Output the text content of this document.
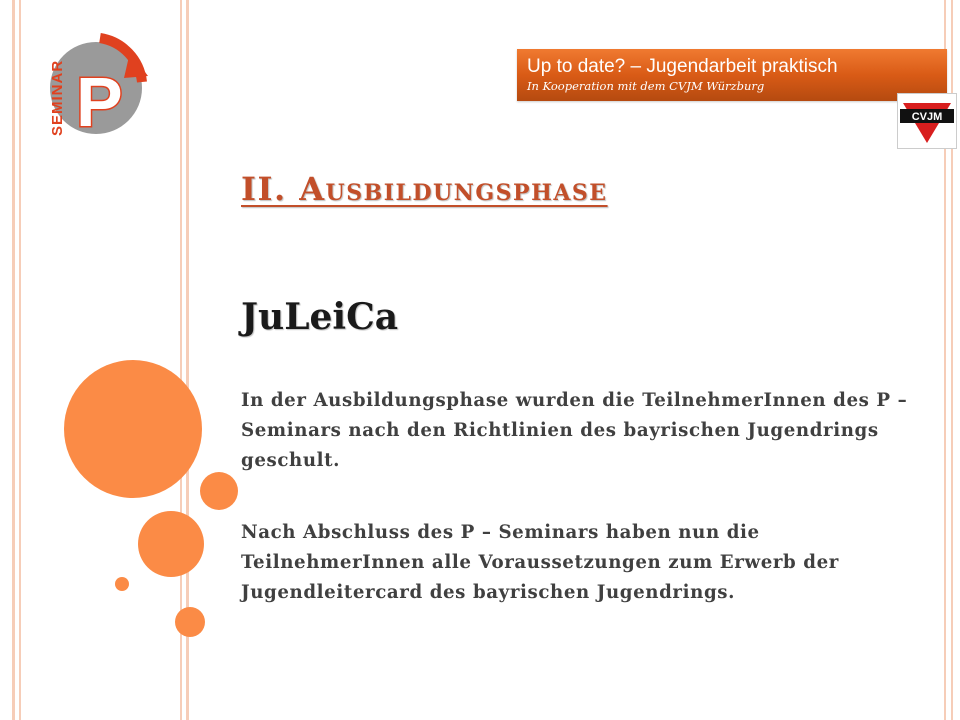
P
SEMINAR	Up to date? – Jugendarbeit praktisch
In Kooperation mit dem CVJM Würzburg
CVJM
II. Ausbildungsphase
JuLeiCa
In der Ausbildungsphase wurden die TeilnehmerInnen des P – Seminars nach den Richtlinien des bayrischen Jugendrings geschult.
Nach Abschluss des P – Seminars haben nun die TeilnehmerInnen alle Voraussetzungen zum Erwerb der Jugendleitercard des bayrischen Jugendrings.
